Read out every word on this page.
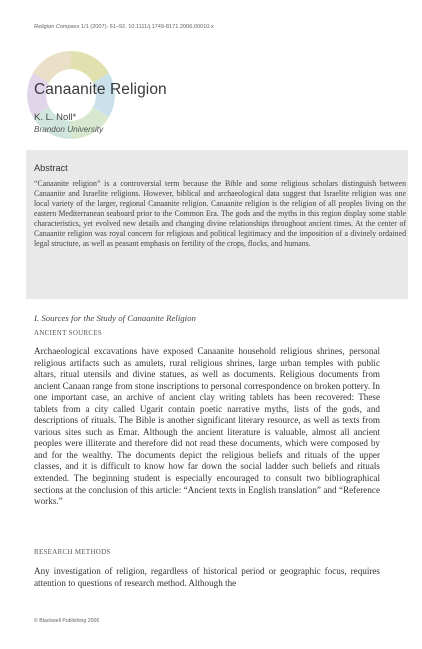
Religion Compass 1/1 (2007): 61–92, 10.1111/j.1749-8171.2006.00010.x
Canaanite Religion
K. L. Noll*
Brandon University
Abstract
“Canaanite religion” is a controversial term because the Bible and some religious scholars distinguish between Canaanite and Israelite religions. However, biblical and archaeological data suggest that Israelite religion was one local variety of the larger, regional Canaanite religion. Canaanite religion is the religion of all peoples living on the eastern Mediterranean seaboard prior to the Common Era. The gods and the myths in this region display some stable characteristics, yet evolved new details and changing divine relationships throughout ancient times. At the center of Canaanite religion was royal concern for religious and political legitimacy and the imposition of a divinely ordained legal structure, as well as peasant emphasis on fertility of the crops, flocks, and humans.
I. Sources for the Study of Canaanite Religion
ANCIENT SOURCES
Archaeological excavations have exposed Canaanite household religious shrines, personal religious artifacts such as amulets, rural religious shrines, large urban temples with public altars, ritual utensils and divine statues, as well as documents. Religious documents from ancient Canaan range from stone inscriptions to personal correspondence on broken pottery. In one important case, an archive of ancient clay writing tablets has been recovered: These tablets from a city called Ugarit contain poetic narrative myths, lists of the gods, and descriptions of rituals. The Bible is another significant literary resource, as well as texts from various sites such as Emar. Although the ancient literature is valuable, almost all ancient peoples were illiterate and therefore did not read these documents, which were composed by and for the wealthy. The documents depict the religious beliefs and rituals of the upper classes, and it is difficult to know how far down the social ladder such beliefs and rituals extended. The beginning student is especially encouraged to consult two bibliographical sections at the conclusion of this article: “Ancient texts in English translation” and “Reference works.”
RESEARCH METHODS
Any investigation of religion, regardless of historical period or geographic focus, requires attention to questions of research method. Although the
© Blackwell Publishing 2006
